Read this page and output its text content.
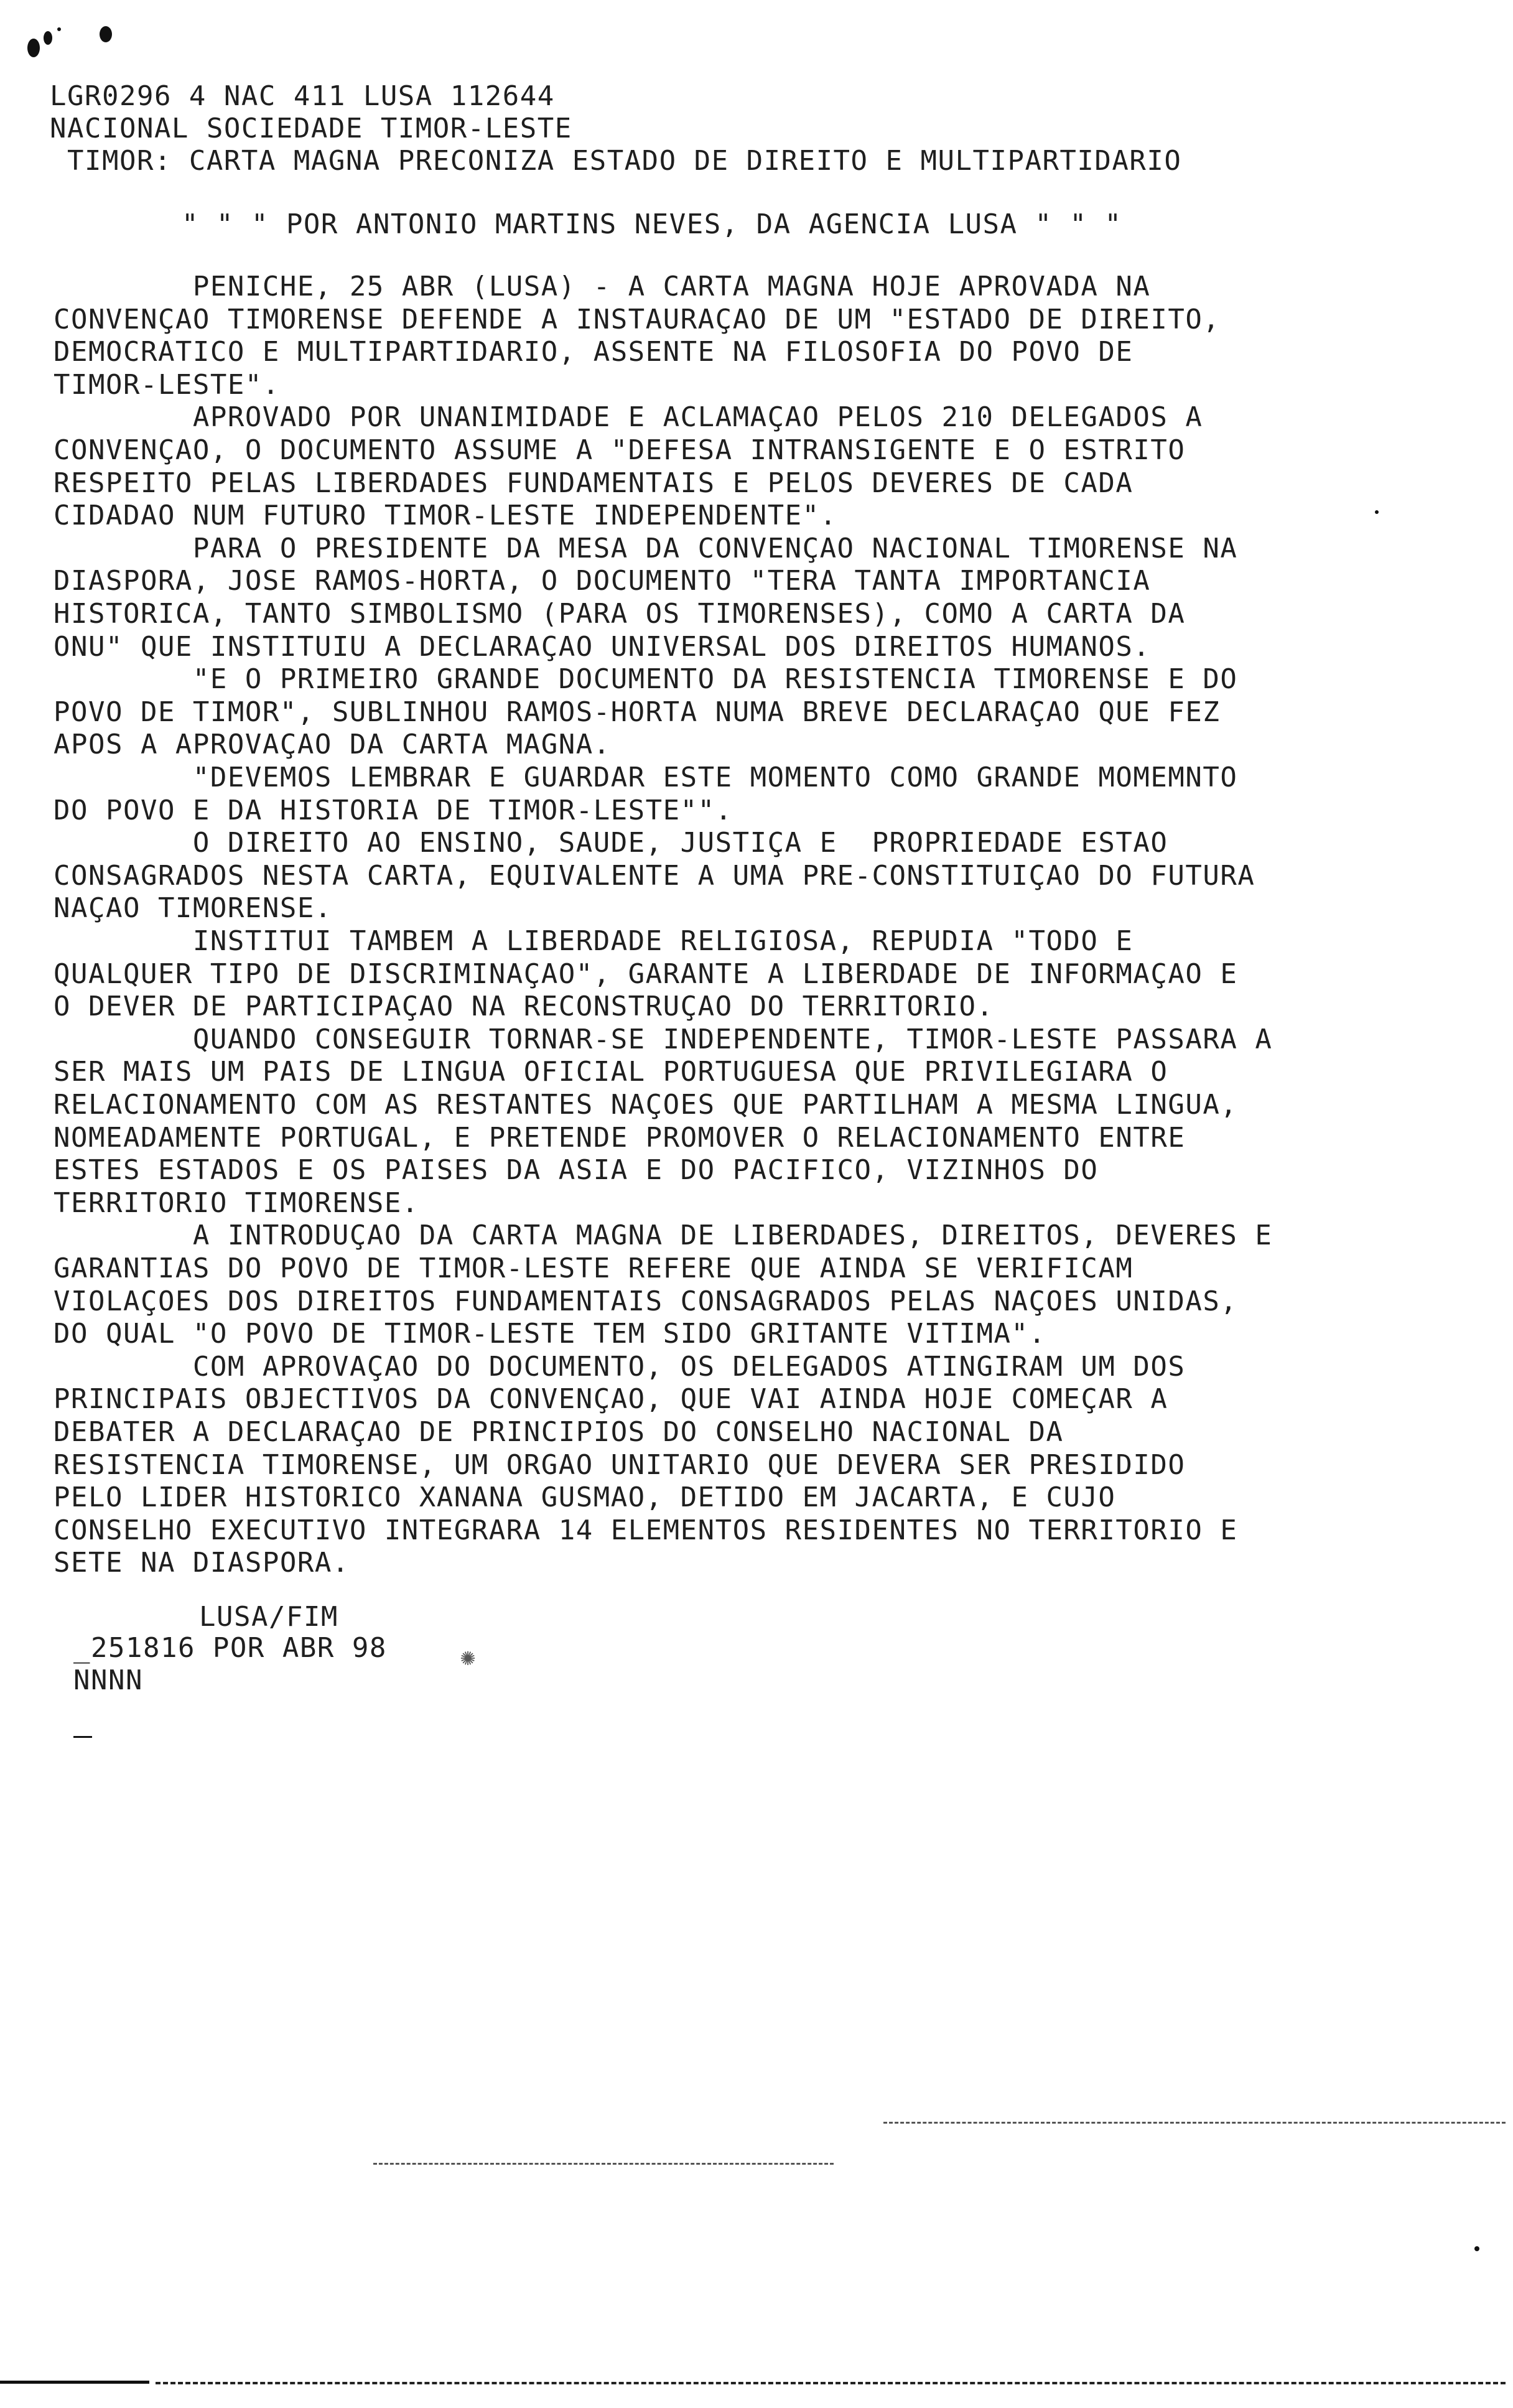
LGR0296 4 NAC 411 LUSA 112644
NACIONAL SOCIEDADE TIMOR-LESTE
TIMOR: CARTA MAGNA PRECONIZA ESTADO DE DIREITO E MULTIPARTIDARIO
" " " POR ANTONIO MARTINS NEVES, DA AGENCIA LUSA " " "
PENICHE, 25 ABR (LUSA) - A CARTA MAGNA HOJE APROVADA NA
CONVENÇAO TIMORENSE DEFENDE A INSTAURAÇAO DE UM "ESTADO DE DIREITO,
DEMOCRATICO E MULTIPARTIDARIO, ASSENTE NA FILOSOFIA DO POVO DE
TIMOR-LESTE".
APROVADO POR UNANIMIDADE E ACLAMAÇAO PELOS 210 DELEGADOS A
CONVENÇAO, O DOCUMENTO ASSUME A "DEFESA INTRANSIGENTE E O ESTRITO
RESPEITO PELAS LIBERDADES FUNDAMENTAIS E PELOS DEVERES DE CADA
CIDADAO NUM FUTURO TIMOR-LESTE INDEPENDENTE".
PARA O PRESIDENTE DA MESA DA CONVENÇAO NACIONAL TIMORENSE NA
DIASPORA, JOSE RAMOS-HORTA, O DOCUMENTO "TERA TANTA IMPORTANCIA
HISTORICA, TANTO SIMBOLISMO (PARA OS TIMORENSES), COMO A CARTA DA
ONU" QUE INSTITUIU A DECLARAÇAO UNIVERSAL DOS DIREITOS HUMANOS.
"E O PRIMEIRO GRANDE DOCUMENTO DA RESISTENCIA TIMORENSE E DO
POVO DE TIMOR", SUBLINHOU RAMOS-HORTA NUMA BREVE DECLARAÇAO QUE FEZ
APOS A APROVAÇAO DA CARTA MAGNA.
"DEVEMOS LEMBRAR E GUARDAR ESTE MOMENTO COMO GRANDE MOMEMNTO
DO POVO E DA HISTORIA DE TIMOR-LESTE"".
O DIREITO AO ENSINO, SAUDE, JUSTIÇA E  PROPRIEDADE ESTAO
CONSAGRADOS NESTA CARTA, EQUIVALENTE A UMA PRE-CONSTITUIÇAO DO FUTURA
NAÇAO TIMORENSE.
INSTITUI TAMBEM A LIBERDADE RELIGIOSA, REPUDIA "TODO E
QUALQUER TIPO DE DISCRIMINAÇAO", GARANTE A LIBERDADE DE INFORMAÇAO E
O DEVER DE PARTICIPAÇAO NA RECONSTRUÇAO DO TERRITORIO.
QUANDO CONSEGUIR TORNAR-SE INDEPENDENTE, TIMOR-LESTE PASSARA A
SER MAIS UM PAIS DE LINGUA OFICIAL PORTUGUESA QUE PRIVILEGIARA O
RELACIONAMENTO COM AS RESTANTES NAÇOES QUE PARTILHAM A MESMA LINGUA,
NOMEADAMENTE PORTUGAL, E PRETENDE PROMOVER O RELACIONAMENTO ENTRE
ESTES ESTADOS E OS PAISES DA ASIA E DO PACIFICO, VIZINHOS DO
TERRITORIO TIMORENSE.
A INTRODUÇAO DA CARTA MAGNA DE LIBERDADES, DIREITOS, DEVERES E
GARANTIAS DO POVO DE TIMOR-LESTE REFERE QUE AINDA SE VERIFICAM
VIOLAÇOES DOS DIREITOS FUNDAMENTAIS CONSAGRADOS PELAS NAÇOES UNIDAS,
DO QUAL "O POVO DE TIMOR-LESTE TEM SIDO GRITANTE VITIMA".
COM APROVAÇAO DO DOCUMENTO, OS DELEGADOS ATINGIRAM UM DOS
PRINCIPAIS OBJECTIVOS DA CONVENÇAO, QUE VAI AINDA HOJE COMEÇAR A
DEBATER A DECLARAÇAO DE PRINCIPIOS DO CONSELHO NACIONAL DA
RESISTENCIA TIMORENSE, UM ORGAO UNITARIO QUE DEVERA SER PRESIDIDO
PELO LIDER HISTORICO XANANA GUSMAO, DETIDO EM JACARTA, E CUJO
CONSELHO EXECUTIVO INTEGRARA 14 ELEMENTOS RESIDENTES NO TERRITORIO E
SETE NA DIASPORA.
LUSA/FIM
_251816 POR ABR 98
NNNN
✺
